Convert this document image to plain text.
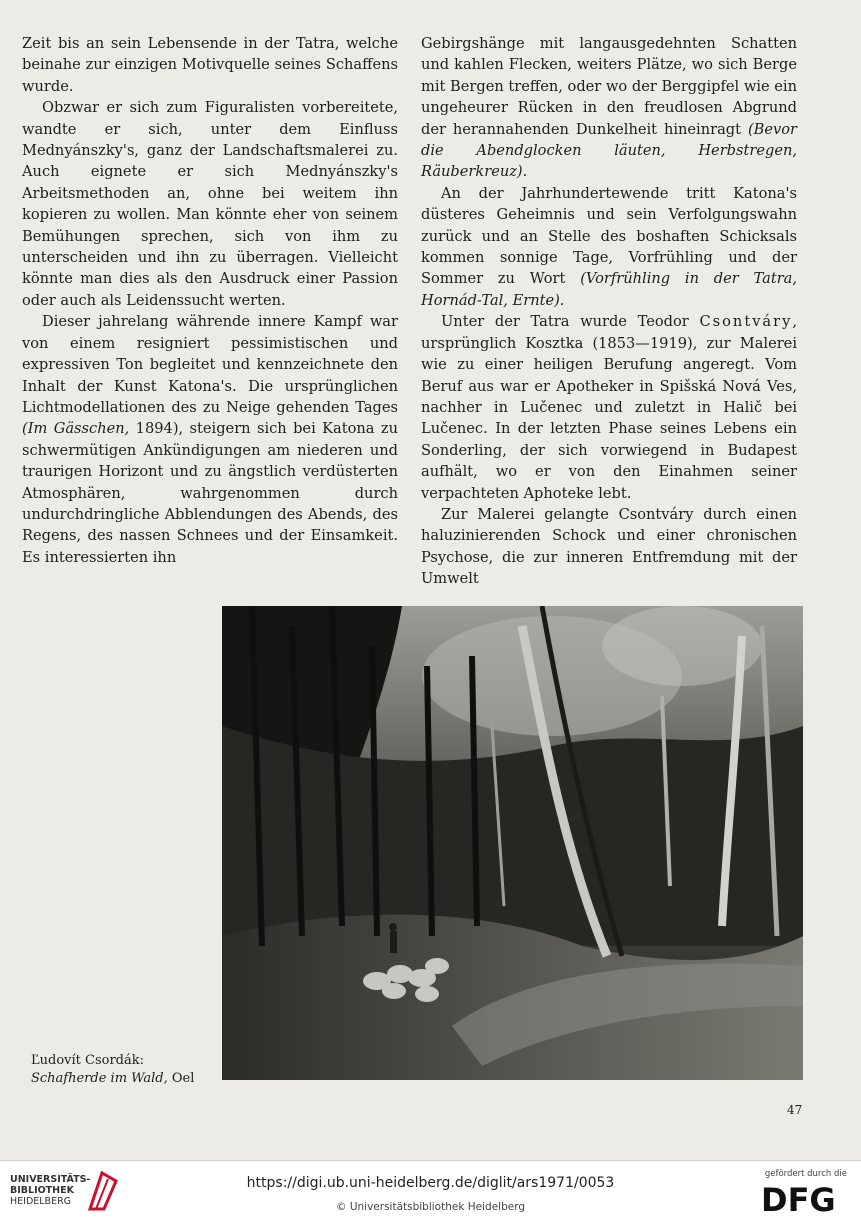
Zeit bis an sein Lebensende in der Tatra, welche beinahe zur einzigen Motivquelle seines Schaffens wurde.

Obzwar er sich zum Figuralisten vorbereitete, wandte er sich, unter dem Einfluss Mednyánszky's, ganz der Landschaftsmalerei zu. Auch eignete er sich Mednyánszky's Arbeitsmethoden an, ohne bei weitem ihn kopieren zu wollen. Man könnte eher von seinem Bemühungen sprechen, sich von ihm zu unterscheiden und ihn zu überragen. Vielleicht könnte man dies als den Ausdruck einer Passion oder auch als Leidenssucht werten.

Dieser jahrelang währende innere Kampf war von einem resigniert pessimistischen und expressiven Ton begleitet und kennzeichnete den Inhalt der Kunst Katona's. Die ursprünglichen Lichtmodellationen des zu Neige gehenden Tages (Im Gässchen, 1894), steigern sich bei Katona zu schwermütigen Ankündigungen am niederen und traurigen Horizont und zu ängstlich verdüsterten Atmosphären, wahrgenommen durch undurchdringliche Abblendungen des Abends, des Regens, des nassen Schnees und der Einsamkeit. Es interessierten ihn

Gebirgshänge mit langausgedehnten Schatten und kahlen Flecken, weiters Plätze, wo sich Berge mit Bergen treffen, oder wo der Berggipfel wie ein ungeheurer Rücken in den freudlosen Abgrund der herannahenden Dunkelheit hineinragt (Bevor die Abendglocken läuten, Herbstregen, Räuberkreuz).

An der Jahrhundertewende tritt Katona's düsteres Geheimnis und sein Verfolgungswahn zurück und an Stelle des boshaften Schicksals kommen sonnige Tage, Vorfrühling und der Sommer zu Wort (Vorfrühling in der Tatra, Hornád-Tal, Ernte).

Unter der Tatra wurde Teodor Csontváry, ursprünglich Kosztka (1853—1919), zur Malerei wie zu einer heiligen Berufung angeregt. Vom Beruf aus war er Apotheker in Spišská Nová Ves, nachher in Lučenec und zuletzt in Halič bei Lučenec. In der letzten Phase seines Lebens ein Sonderling, der sich vorwiegend in Budapest aufhält, wo er von den Einahmen seiner verpachteten Aphoteke lebt.

Zur Malerei gelangte Csontváry durch einen haluzinierenden Schock und einer chronischen Psychose, die zur inneren Entfremdung mit der Umwelt

Ľudovít Csordák:
Schafherde im Wald, Oel
47
UNIVERSITÄTS-
BIBLIOTHEK
HEIDELBERG
https://digi.ub.uni-heidelberg.de/diglit/ars1971/0053
© Universitätsbibliothek Heidelberg
gefördert durch die
DFG
